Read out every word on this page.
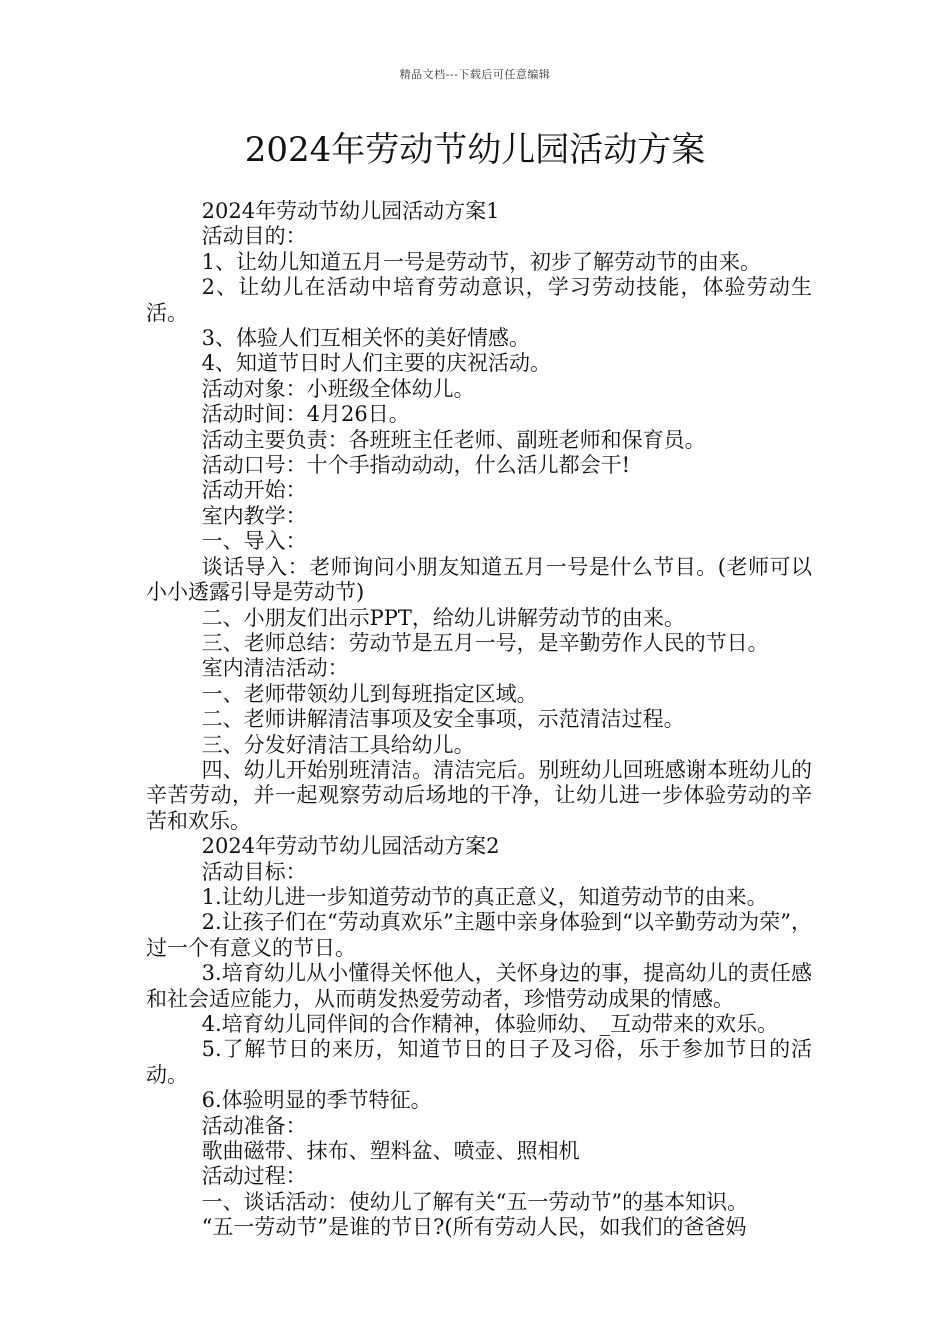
精品文档---下载后可任意编辑
2024年劳动节幼儿园活动方案

2024年劳动节幼儿园活动方案1

活动目的：

1、让幼儿知道五月一号是劳动节，初步了解劳动节的由来。

2、让幼儿在活动中培育劳动意识，学习劳动技能，体验劳动生活。

3、体验人们互相关怀的美好情感。

4、知道节日时人们主要的庆祝活动。

活动对象：小班级全体幼儿。

活动时间：4月26日。

活动主要负责：各班班主任老师、副班老师和保育员。

活动口号：十个手指动动动，什么活儿都会干!

活动开始：

室内教学：

一、导入：

谈话导入：老师询问小朋友知道五月一号是什么节目。(老师可以小小透露引导是劳动节)

二、小朋友们出示PPT，给幼儿讲解劳动节的由来。

三、老师总结：劳动节是五月一号，是辛勤劳作人民的节日。

室内清洁活动：

一、老师带领幼儿到每班指定区域。

二、老师讲解清洁事项及安全事项，示范清洁过程。

三、分发好清洁工具给幼儿。

四、幼儿开始别班清洁。清洁完后。别班幼儿回班感谢本班幼儿的辛苦劳动，并一起观察劳动后场地的干净，让幼儿进一步体验劳动的辛苦和欢乐。

2024年劳动节幼儿园活动方案2

活动目标：

1.让幼儿进一步知道劳动节的真正意义，知道劳动节的由来。

2.让孩子们在“劳动真欢乐”主题中亲身体验到“以辛勤劳动为荣”，过一个有意义的节日。

3.培育幼儿从小懂得关怀他人，关怀身边的事，提高幼儿的责任感和社会适应能力，从而萌发热爱劳动者，珍惜劳动成果的情感。

4.培育幼儿同伴间的合作精神，体验师幼、_互动带来的欢乐。

5.了解节日的来历，知道节日的日子及习俗，乐于参加节日的活动。

6.体验明显的季节特征。

活动准备：

歌曲磁带、抹布、塑料盆、喷壶、照相机

活动过程：

一、谈话活动：使幼儿了解有关“五一劳动节”的基本知识。

“五一劳动节”是谁的节日?(所有劳动人民，如我们的爸爸妈
